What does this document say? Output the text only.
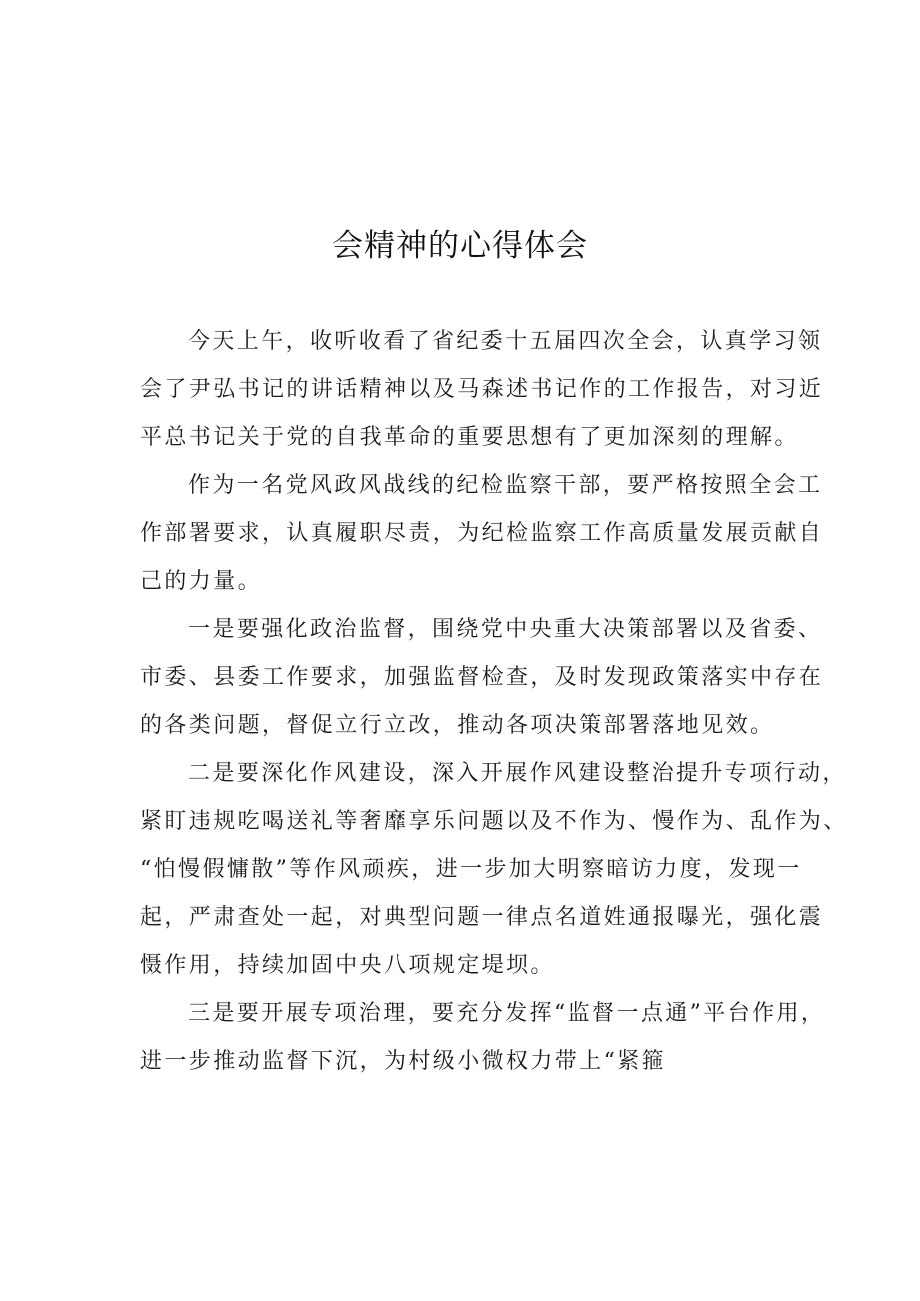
会精神的心得体会
今天上午，收听收看了省纪委十五届四次全会，认真学习领
会了尹弘书记的讲话精神以及马森述书记作的工作报告，对习近
平总书记关于党的自我革命的重要思想有了更加深刻的理解。
作为一名党风政风战线的纪检监察干部，要严格按照全会工
作部署要求，认真履职尽责，为纪检监察工作高质量发展贡献自
己的力量。
一是要强化政治监督，围绕党中央重大决策部署以及省委、
市委、县委工作要求，加强监督检查，及时发现政策落实中存在
的各类问题，督促立行立改，推动各项决策部署落地见效。
二是要深化作风建设，深入开展作风建设整治提升专项行动，
紧盯违规吃喝送礼等奢靡享乐问题以及不作为、慢作为、乱作为、
“怕慢假慵散”等作风顽疾，进一步加大明察暗访力度，发现一
起，严肃查处一起，对典型问题一律点名道姓通报曝光，强化震
慑作用，持续加固中央八项规定堤坝。
三是要开展专项治理，要充分发挥“监督一点通”平台作用，
进一步推动监督下沉，为村级小微权力带上“紧箍
